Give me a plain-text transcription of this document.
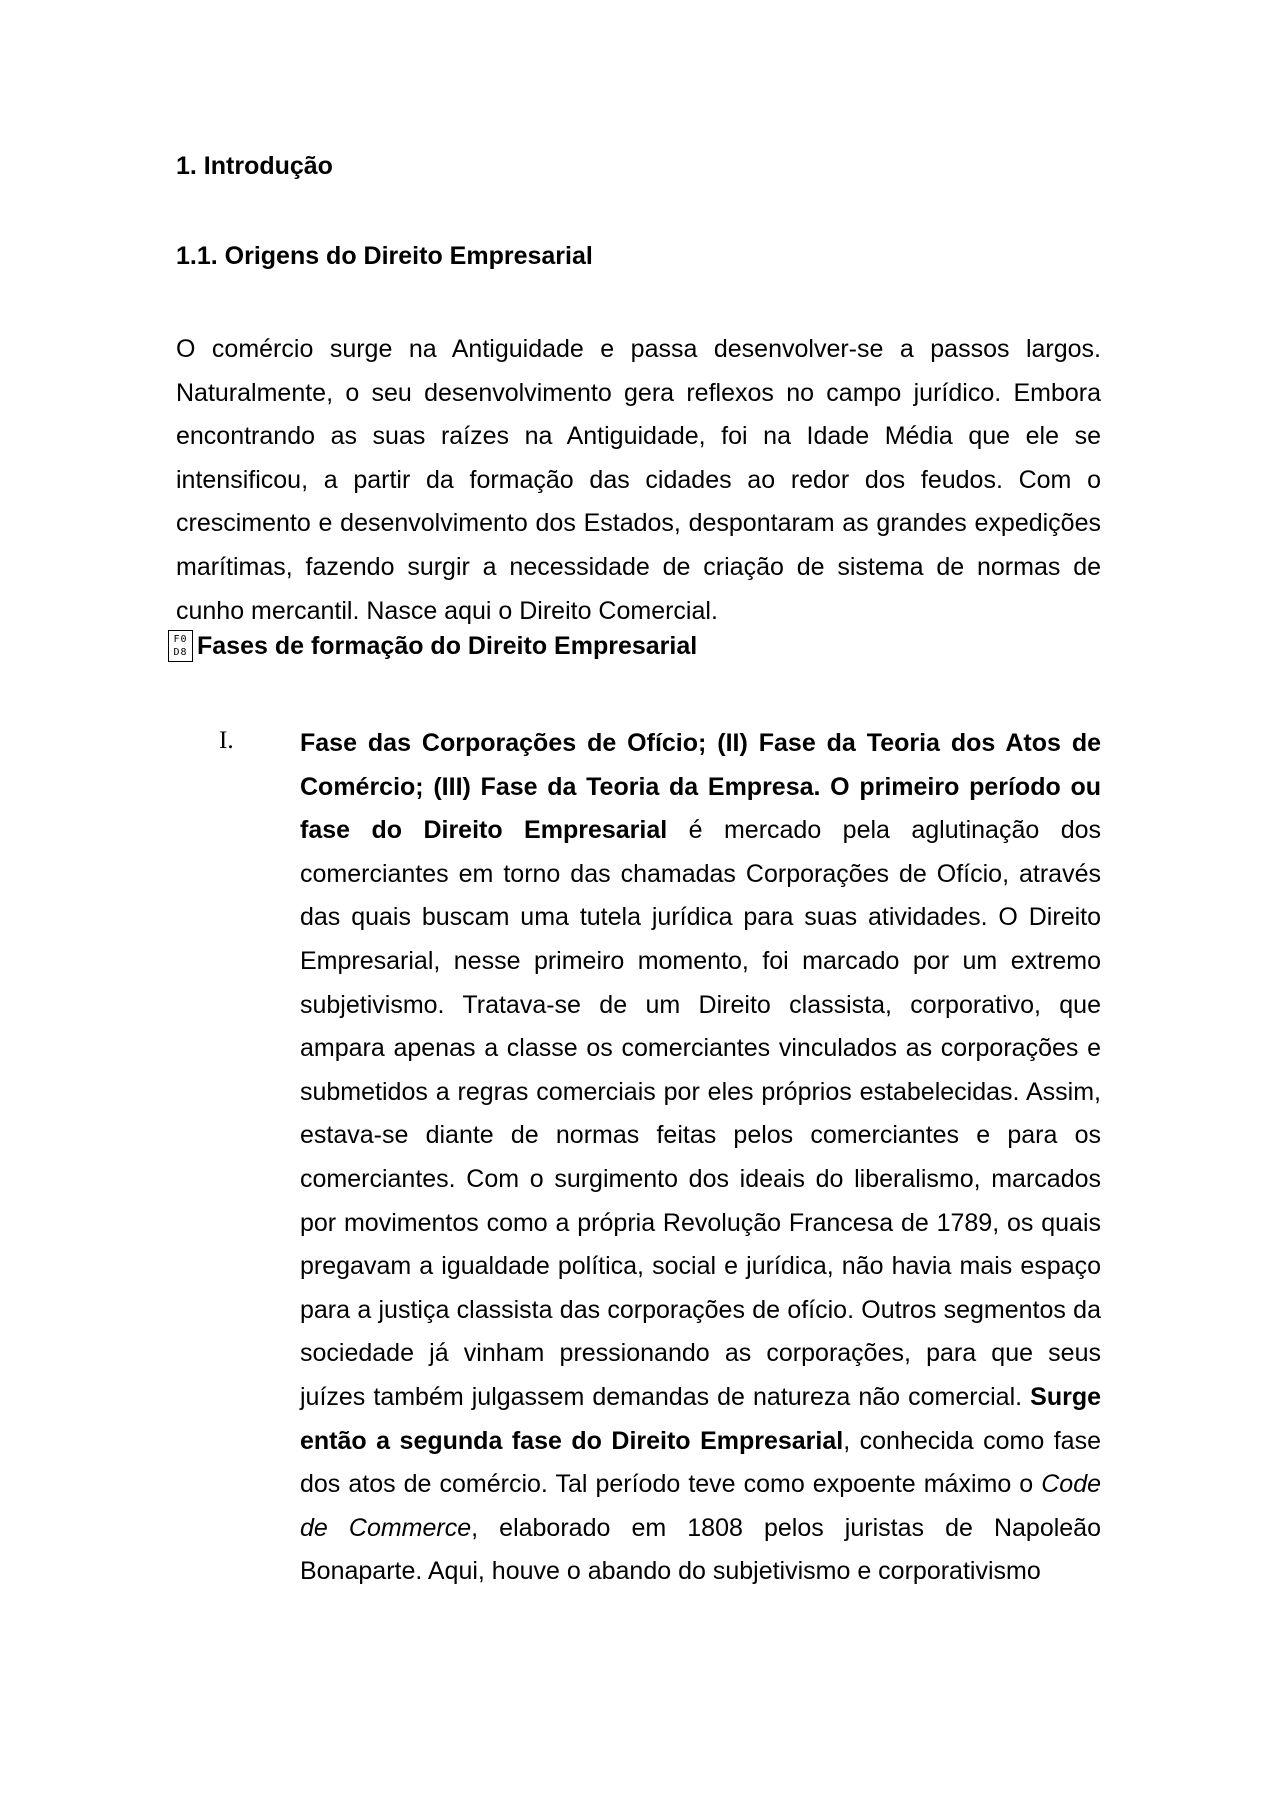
1. Introdução

1.1. Origens do Direito Empresarial

O comércio surge na Antiguidade e passa desenvolver-se a passos largos. Naturalmente, o seu desenvolvimento gera reflexos no campo jurídico. Embora encontrando as suas raízes na Antiguidade, foi na Idade Média que ele se intensificou, a partir da formação das cidades ao redor dos feudos. Com o crescimento e desenvolvimento dos Estados, despontaram as grandes expedições marítimas, fazendo surgir a necessidade de criação de sistema de normas de cunho mercantil. Nasce aqui o Direito Comercial.

F0
D8 Fases de formação do Direito Empresarial

I.	Fase das Corporações de Ofício; (II) Fase da Teoria dos Atos de Comércio; (III) Fase da Teoria da Empresa. O primeiro período ou fase do Direito Empresarial é mercado pela aglutinação dos comerciantes em torno das chamadas Corporações de Ofício, através das quais buscam uma tutela jurídica para suas atividades. O Direito Empresarial, nesse primeiro momento, foi marcado por um extremo subjetivismo. Tratava-se de um Direito classista, corporativo, que ampara apenas a classe os comerciantes vinculados as corporações e submetidos a regras comerciais por eles próprios estabelecidas. Assim, estava-se diante de normas feitas pelos comerciantes e para os comerciantes. Com o surgimento dos ideais do liberalismo, marcados por movimentos como a própria Revolução Francesa de 1789, os quais pregavam a igualdade política, social e jurídica, não havia mais espaço para a justiça classista das corporações de ofício. Outros segmentos da sociedade já vinham pressionando as corporações, para que seus juízes também julgassem demandas de natureza não comercial. Surge então a segunda fase do Direito Empresarial, conhecida como fase dos atos de comércio. Tal período teve como expoente máximo o Code de Commerce, elaborado em 1808 pelos juristas de Napoleão Bonaparte. Aqui, houve o abando do subjetivismo e corporativismo
